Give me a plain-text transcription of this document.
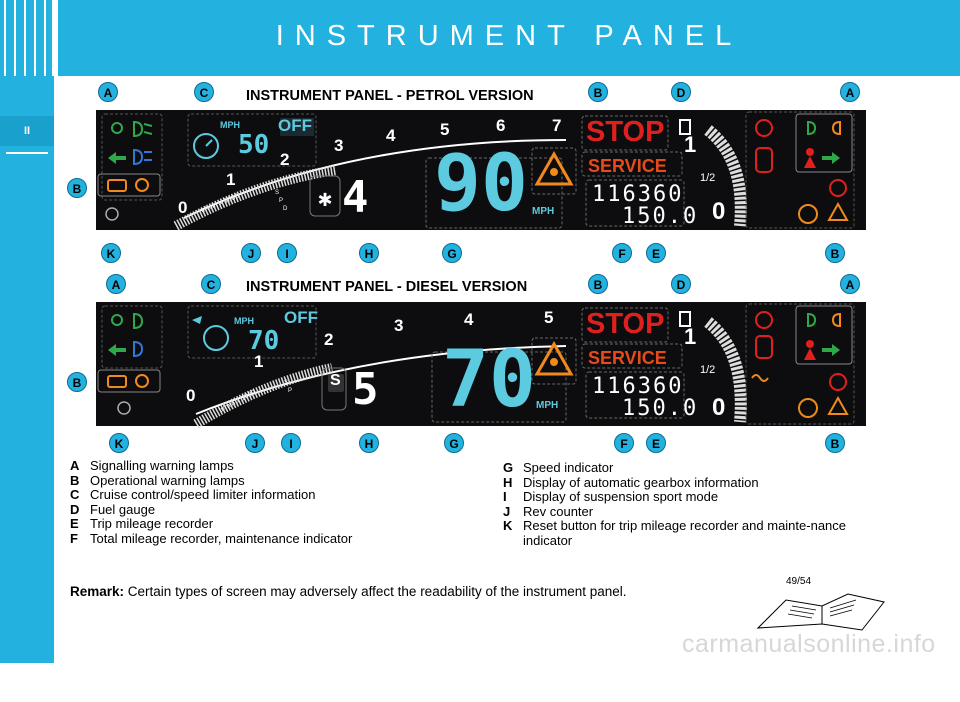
INSTRUMENT PANEL
II
48
INSTRUMENT PANEL - PETROL VERSION
INSTRUMENT PANEL - DIESEL VERSION
✱
S
P
D
MPH
50
OFF
0
1
2
3
4	5	6	7
4 90 MPH
STOP
SERVICE
116360
150.0
1
1/2
0
S
P
MPH
70
OFF
0
1
2
3	4	5
S 5 70 MPH
STOP
SERVICE
116360
150.0
1
1/2
0
tr/min x 1000
tr/min x 1000
A	C	B	D	A
B
K	J	I	H	G	F	E	B
A	C	B	D	A
B
K	J	I	H	G	F	E	B
A Signalling warning lamps
B Operational warning lamps
C Cruise control/speed limiter information
D Fuel gauge
E Trip mileage recorder
F Total mileage recorder, maintenance indicator
G Speed indicator
H Display of automatic gearbox information
I	Display of suspension sport mode
J Rev counter
K Reset button for trip mileage recorder and mainte-nance indicator
Remark: Certain types of screen may adversely affect the readability of the instrument panel.
49/54
carmanualsonline.info
